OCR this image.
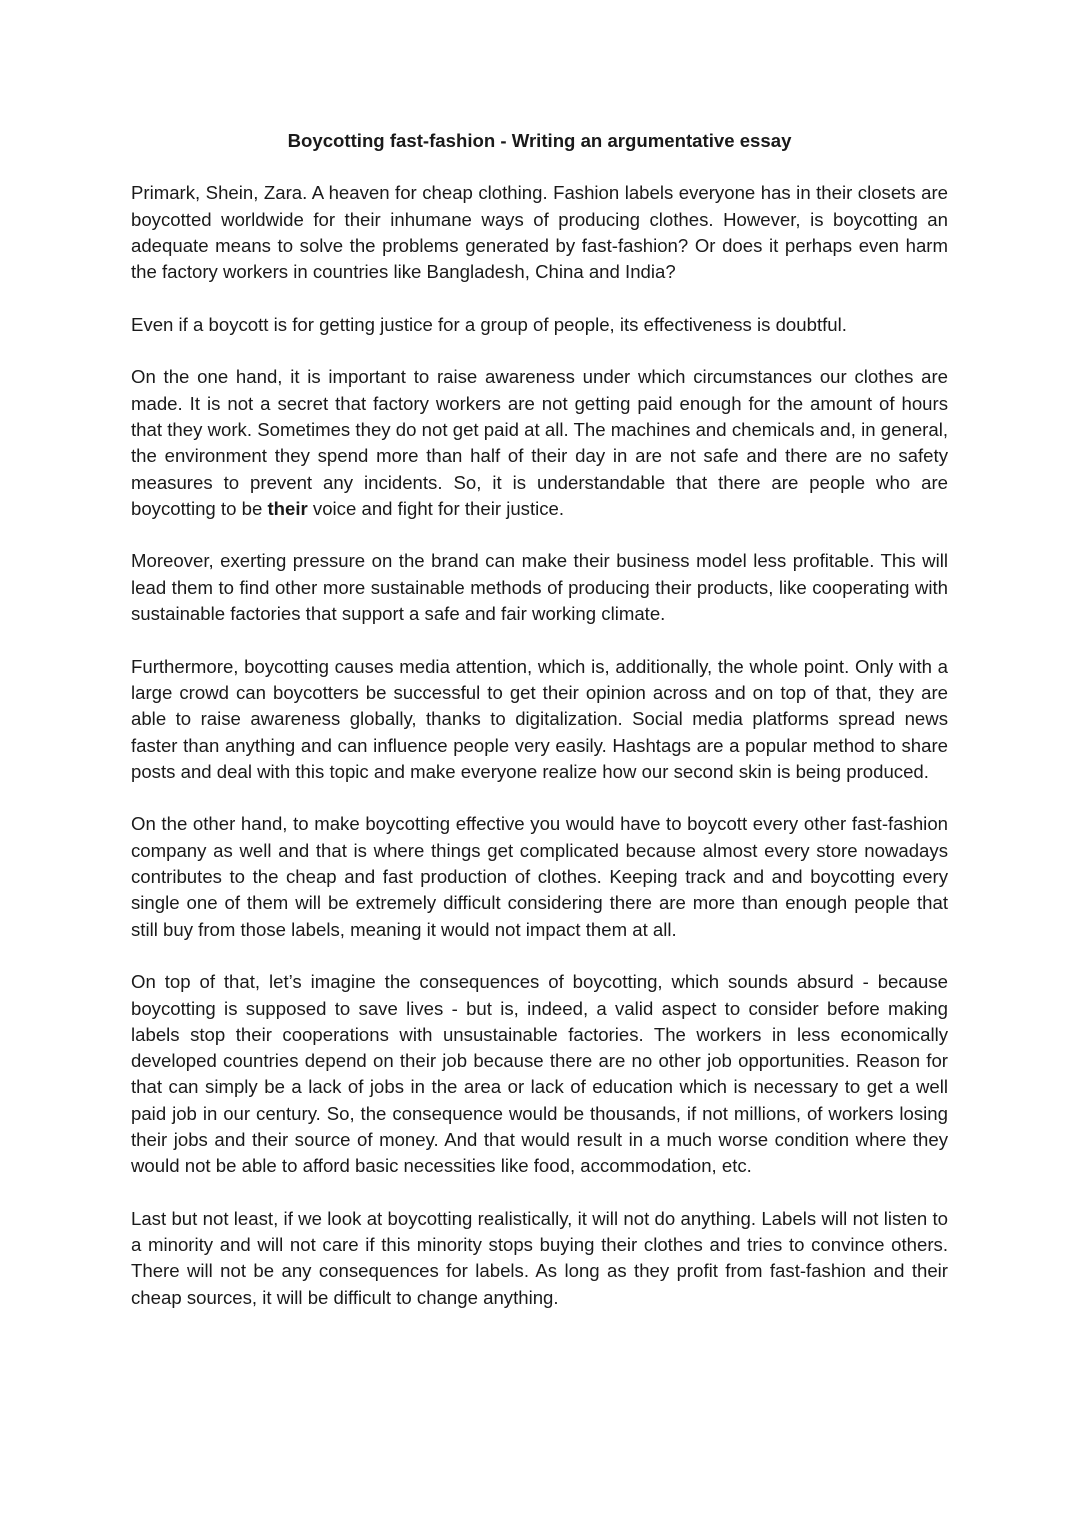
Boycotting fast-fashion - Writing an argumentative essay

Primark, Shein, Zara. A heaven for cheap clothing. Fashion labels everyone has in their closets are boycotted worldwide for their inhumane ways of producing clothes. However, is boycotting an adequate means to solve the problems generated by fast-fashion? Or does it perhaps even harm the factory workers in countries like Bangladesh, China and India?

Even if a boycott is for getting justice for a group of people, its effectiveness is doubtful.

On the one hand, it is important to raise awareness under which circumstances our clothes are made. It is not a secret that factory workers are not getting paid enough for the amount of hours that they work. Sometimes they do not get paid at all. The machines and chemicals and, in general, the environment they spend more than half of their day in are not safe and there are no safety measures to prevent any incidents. So, it is understandable that there are people who are boycotting to be their voice and fight for their justice.

Moreover, exerting pressure on the brand can make their business model less profitable. This will lead them to find other more sustainable methods of producing their products, like cooperating with sustainable factories that support a safe and fair working climate.

Furthermore, boycotting causes media attention, which is, additionally, the whole point. Only with a large crowd can boycotters be successful to get their opinion across and on top of that, they are able to raise awareness globally, thanks to digitalization. Social media platforms spread news faster than anything and can influence people very easily. Hashtags are a popular method to share posts and deal with this topic and make everyone realize how our second skin is being produced.

On the other hand, to make boycotting effective you would have to boycott every other fast-fashion company as well and that is where things get complicated because almost every store nowadays contributes to the cheap and fast production of clothes. Keeping track and and boycotting every single one of them will be extremely difficult considering there are more than enough people that still buy from those labels, meaning it would not impact them at all.

On top of that, let’s imagine the consequences of boycotting, which sounds absurd - because boycotting is supposed to save lives - but is, indeed, a valid aspect to consider before making labels stop their cooperations with unsustainable factories. The workers in less economically developed countries depend on their job because there are no other job opportunities. Reason for that can simply be a lack of jobs in the area or lack of education which is necessary to get a well paid job in our century. So, the consequence would be thousands, if not millions, of workers losing their jobs and their source of money. And that would result in a much worse condition where they would not be able to afford basic necessities like food, accommodation, etc.

Last but not least, if we look at boycotting realistically, it will not do anything. Labels will not listen to a minority and will not care if this minority stops buying their clothes and tries to convince others. There will not be any consequences for labels. As long as they profit from fast-fashion and their cheap sources, it will be difficult to change anything.
